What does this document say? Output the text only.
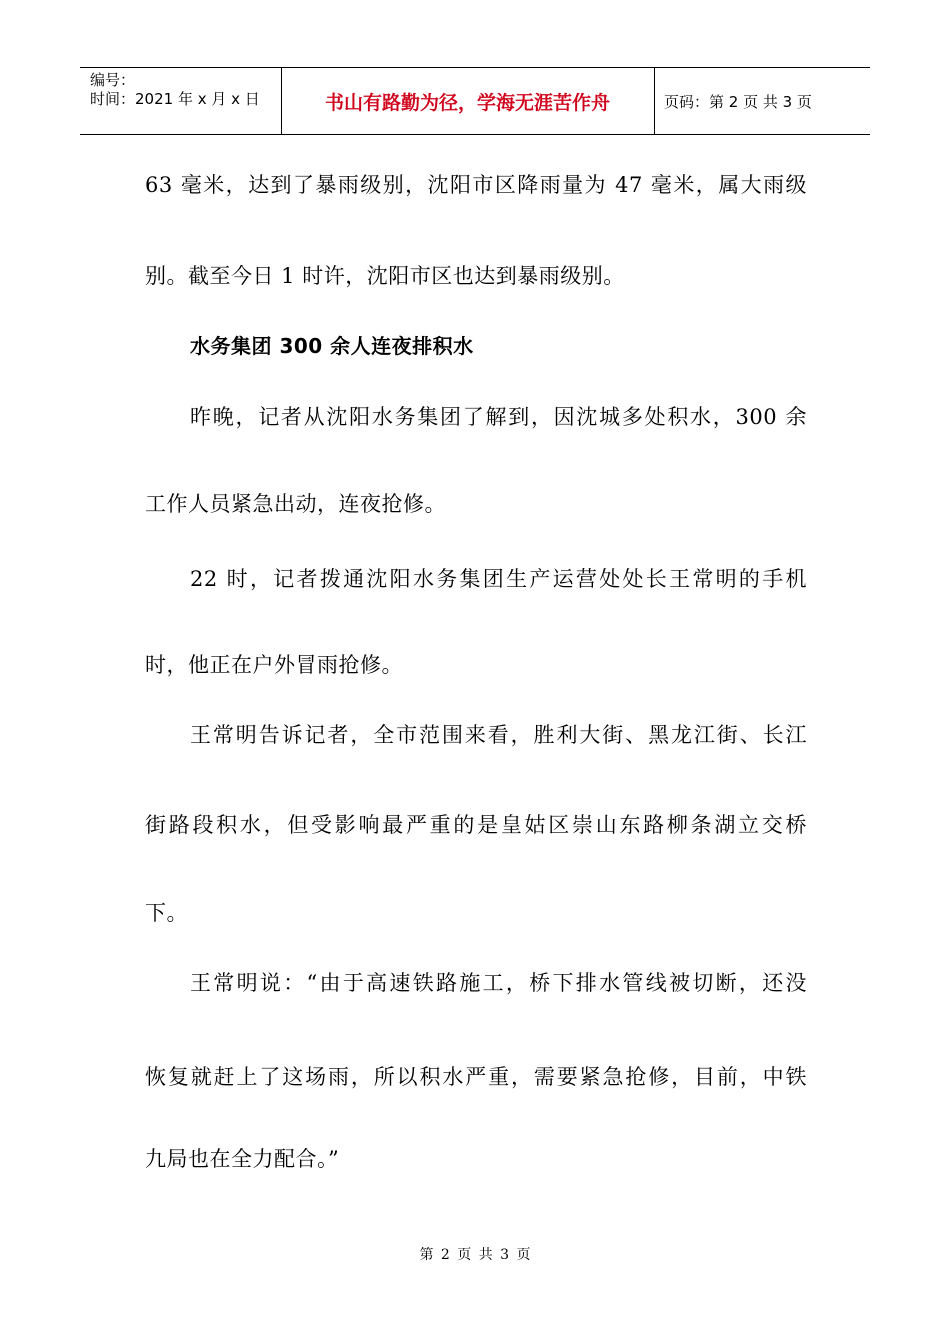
编号：
时间：2021 年 x 月 x 日	书山有路勤为径，学海无涯苦作舟	页码：第 2 页 共 3 页
63 毫米，达到了暴雨级别，沈阳市区降雨量为 47 毫米，属大雨级
别。截至今日 1 时许，沈阳市区也达到暴雨级别。
水务集团 300 余人连夜排积水
昨晚，记者从沈阳水务集团了解到，因沈城多处积水，300 余
工作人员紧急出动，连夜抢修。
22 时，记者拨通沈阳水务集团生产运营处处长王常明的手机
时，他正在户外冒雨抢修。
王常明告诉记者，全市范围来看，胜利大街、黑龙江街、长江
街路段积水，但受影响最严重的是皇姑区崇山东路柳条湖立交桥
下。
王常明说：“由于高速铁路施工，桥下排水管线被切断，还没
恢复就赶上了这场雨，所以积水严重，需要紧急抢修，目前，中铁
九局也在全力配合。”
第 2 页 共 3 页
